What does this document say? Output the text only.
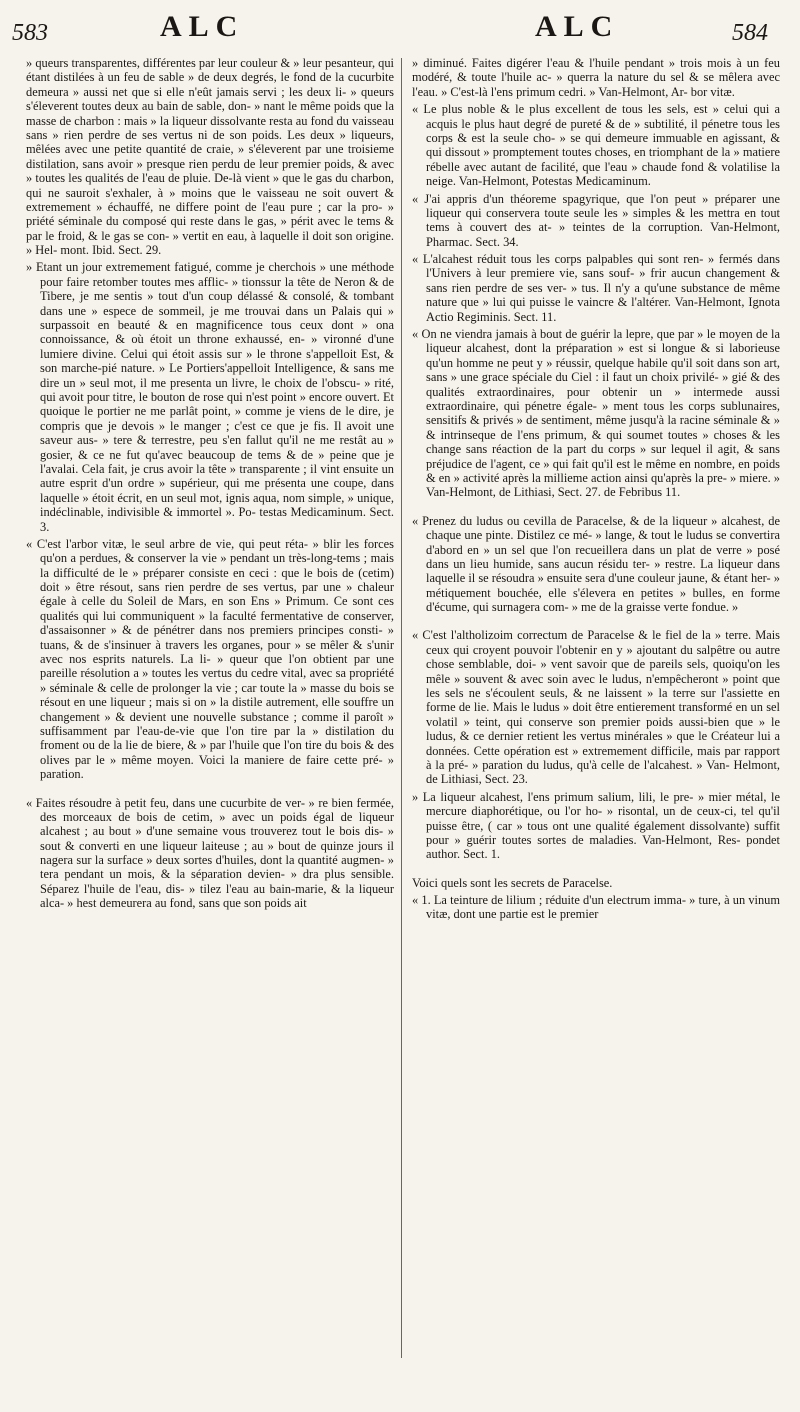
583	ALC	ALC	584

» queurs transparentes, différentes par leur couleur & » leur pesanteur, qui étant distilées à un feu de sable » de deux degrés, le fond de la cucurbite demeura » aussi net que si elle n'eût jamais servi ; les deux li- » queurs s'éleverent toutes deux au bain de sable, don- » nant le même poids que la masse de charbon : mais » la liqueur dissolvante resta au fond du vaisseau sans » rien perdre de ses vertus ni de son poids. Les deux » liqueurs, mêlées avec une petite quantité de craie, » s'éleverent par une troisieme distilation, sans avoir » presque rien perdu de leur premier poids, & avec » toutes les qualités de l'eau de pluie. De-là vient » que le gas du charbon, qui ne sauroit s'exhaler, à » moins que le vaisseau ne soit ouvert & extremement » échauffé, ne differe point de l'eau pure ; car la pro- » priété séminale du composé qui reste dans le gas, » périt avec le tems & par le froid, & le gas se con- » vertit en eau, à laquelle il doit son origine. » Hel- mont. Ibid. Sect. 29.

» Etant un jour extremement fatigué, comme je cherchois » une méthode pour faire retomber toutes mes afflic- » tionssur la tête de Neron & de Tibere, je me sentis » tout d'un coup délassé & consolé, & tombant dans une » espece de sommeil, je me trouvai dans un Palais qui » surpassoit en beauté & en magnificence tous ceux dont » ona connoissance, & où étoit un throne exhaussé, en- » vironné d'une lumiere divine. Celui qui étoit assis sur » le throne s'appelloit Est, & son marche-pié nature. » Le Portiers'appelloit Intelligence, & sans me dire un » seul mot, il me presenta un livre, le choix de l'obscu- » rité, qui avoit pour titre, le bouton de rose qui n'est point » encore ouvert. Et quoique le portier ne me parlât point, » comme je viens de le dire, je compris que je devois » le manger ; c'est ce que je fis. Il avoit une saveur aus- » tere & terrestre, peu s'en fallut qu'il ne me restât au » gosier, & ce ne fut qu'avec beaucoup de tems & de » peine que je l'avalai. Cela fait, je crus avoir la tête » transparente ; il vint ensuite un autre esprit d'un ordre » supérieur, qui me présenta une coupe, dans laquelle » étoit écrit, en un seul mot, ignis aqua, nom simple, » unique, indéclinable, indivisible & immortel ». Po- testas Medicaminum. Sect. 3.

« C'est l'arbor vitæ, le seul arbre de vie, qui peut réta- » blir les forces qu'on a perdues, & conserver la vie » pendant un très-long-tems ; mais la difficulté de le » préparer consiste en ceci : que le bois de (cetim) doit » être résout, sans rien perdre de ses vertus, par une » chaleur égale à celle du Soleil de Mars, en son Ens » Primum. Ce sont ces qualités qui lui communiquent » la faculté fermentative de conserver, d'assaisonner » & de pénétrer dans nos premiers principes consti- » tuans, & de s'insinuer à travers les organes, pour » se mêler & s'unir avec nos esprits naturels. La li- » queur que l'on obtient par une pareille résolution a » toutes les vertus du cedre vital, avec sa propriété » séminale & celle de prolonger la vie ; car toute la » masse du bois se résout en une liqueur ; mais si on » la distile autrement, elle souffre un changement » & devient une nouvelle substance ; comme il paroît » suffisamment par l'eau-de-vie que l'on tire par la » distilation du froment ou de la lie de biere, & » par l'huile que l'on tire du bois & des olives par le » même moyen. Voici la maniere de faire cette pré- » paration.

« Faites résoudre à petit feu, dans une cucurbite de ver- » re bien fermée, des morceaux de bois de cetim, » avec un poids égal de liqueur alcahest ; au bout » d'une semaine vous trouverez tout le bois dis- » sout & converti en une liqueur laiteuse ; au » bout de quinze jours il nagera sur la surface » deux sortes d'huiles, dont la quantité augmen- » tera pendant un mois, & la séparation devien- » dra plus sensible. Séparez l'huile de l'eau, dis- » tilez l'eau au bain-marie, & la liqueur alca- » hest demeurera au fond, sans que son poids ait

» diminué. Faites digérer l'eau & l'huile pendant » trois mois à un feu modéré, & toute l'huile ac- » querra la nature du sel & se mêlera avec l'eau. » C'est-là l'ens primum cedri. » Van-Helmont, Ar- bor vitæ.

« Le plus noble & le plus excellent de tous les sels, est » celui qui a acquis le plus haut degré de pureté & de » subtilité, il pénetre tous les corps & est la seule cho- » se qui demeure immuable en agissant, & qui dissout » promptement toutes choses, en triomphant de la » matiere rébelle avec autant de facilité, que l'eau » chaude fond & volatilise la neige. Van-Helmont, Potestas Medicaminum.

« J'ai appris d'un théoreme spagyrique, que l'on peut » préparer une liqueur qui conservera toute seule les » simples & les mettra en tout tems à couvert des at- » teintes de la corruption. Van-Helmont, Pharmac. Sect. 34.

« L'alcahest réduit tous les corps palpables qui sont ren- » fermés dans l'Univers à leur premiere vie, sans souf- » frir aucun changement & sans rien perdre de ses ver- » tus. Il n'y a qu'une substance de même nature que » lui qui puisse le vaincre & l'altérer. Van-Helmont, Ignota Actio Regiminis. Sect. 11.

« On ne viendra jamais à bout de guérir la lepre, que par » le moyen de la liqueur alcahest, dont la préparation » est si longue & si laborieuse qu'un homme ne peut y » réussir, quelque habile qu'il soit dans son art, sans » une grace spéciale du Ciel : il faut un choix privilé- » gié & des qualités extraordinaires, pour obtenir un » intermede aussi extraordinaire, qui pénetre égale- » ment tous les corps sublunaires, sensitifs & privés » de sentiment, même jusqu'à la racine séminale & » & intrinseque de l'ens primum, & qui soumet toutes » choses & les change sans réaction de la part du corps » sur lequel il agit, & sans préjudice de l'agent, ce » qui fait qu'il est le même en nombre, en poids & en » activité après la millieme action ainsi qu'après la pre- » miere. » Van-Helmont, de Lithiasi, Sect. 27. de Febribus 11.

« Prenez du ludus ou cevilla de Paracelse, & de la liqueur » alcahest, de chaque une pinte. Distilez ce mé- » lange, & tout le ludus se convertira d'abord en » un sel que l'on recueillera dans un plat de verre » posé dans un lieu humide, sans aucun résidu ter- » restre. La liqueur dans laquelle il se résoudra » ensuite sera d'une couleur jaune, & étant her- » métiquement bouchée, elle s'élevera en petites » bulles, en forme d'écume, qui surnagera com- » me de la graisse verte fondue. »

« C'est l'altholizoim correctum de Paracelse & le fiel de la » terre. Mais ceux qui croyent pouvoir l'obtenir en y » ajoutant du salpêtre ou autre chose semblable, doi- » vent savoir que de pareils sels, quoiqu'on les mêle » souvent & avec soin avec le ludus, n'empêcheront » point que les sels ne s'écoulent seuls, & ne laissent » la terre sur l'assiette en forme de lie. Mais le ludus » doit être entierement transformé en un sel volatil » teint, qui conserve son premier poids aussi-bien que » le ludus, & ce dernier retient les vertus minérales » que le Créateur lui a données. Cette opération est » extremement difficile, mais par rapport à la pré- » paration du ludus, qu'à celle de l'alcahest. » Van- Helmont, de Lithiasi, Sect. 23.

» La liqueur alcahest, l'ens primum salium, lili, le pre- » mier métal, le mercure diaphorétique, ou l'or ho- » risontal, un de ceux-ci, tel qu'il puisse être, ( car » tous ont une qualité également dissolvante) suffit pour » guérir toutes sortes de maladies. Van-Helmont, Res- pondet author. Sect. 1.

Voici quels sont les secrets de Paracelse.

« 1. La teinture de lilium ; réduite d'un electrum imma- » ture, à un vinum vitæ, dont une partie est le premier
